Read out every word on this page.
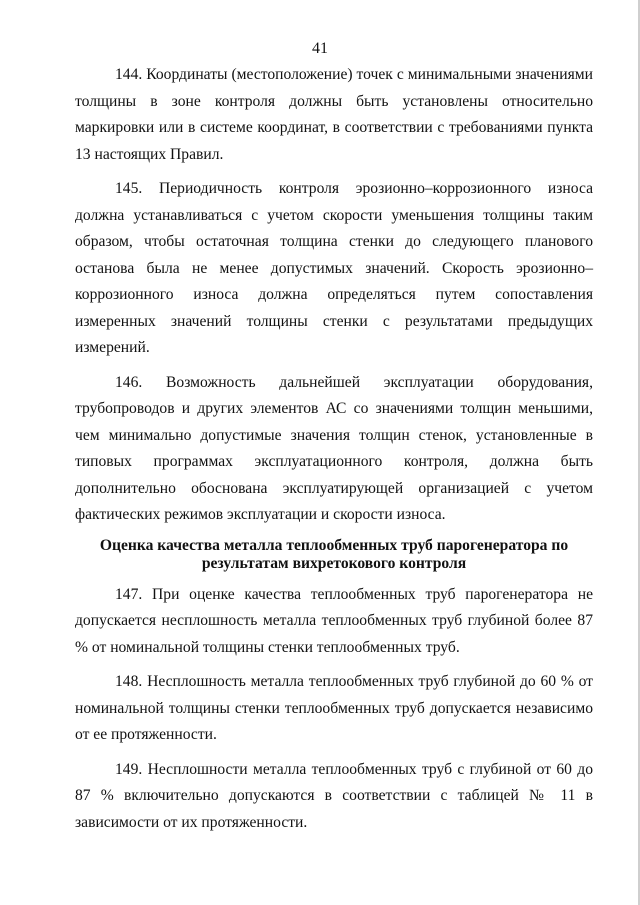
41

144. Координаты (местоположение) точек с минимальными значениями толщины в зоне контроля должны быть установлены относительно маркировки или в системе координат, в соответствии с требованиями пункта 13 настоящих Правил.

145. Периодичность контроля эрозионно–коррозионного износа должна устанавливаться с учетом скорости уменьшения толщины таким образом, чтобы остаточная толщина стенки до следующего планового останова была не менее допустимых значений. Скорость эрозионно–коррозионного износа должна определяться путем сопоставления измеренных значений толщины стенки с результатами предыдущих измерений.

146. Возможность дальнейшей эксплуатации оборудования, трубопроводов и других элементов АС со значениями толщин меньшими, чем минимально допустимые значения толщин стенок, установленные в типовых программах эксплуатационного контроля, должна быть дополнительно обоснована эксплуатирующей организацией с учетом фактических режимов эксплуатации и скорости износа.

Оценка качества металла теплообменных труб парогенератора по результатам вихретокового контроля

147. При оценке качества теплообменных труб парогенератора не допускается несплошность металла теплообменных труб глубиной более 87 % от номинальной толщины стенки теплообменных труб.

148. Несплошность металла теплообменных труб глубиной до 60 % от номинальной толщины стенки теплообменных труб допускается независимо от ее протяженности.

149. Несплошности металла теплообменных труб с глубиной от 60 до 87 % включительно допускаются в соответствии с таблицей № 11 в зависимости от их протяженности.
